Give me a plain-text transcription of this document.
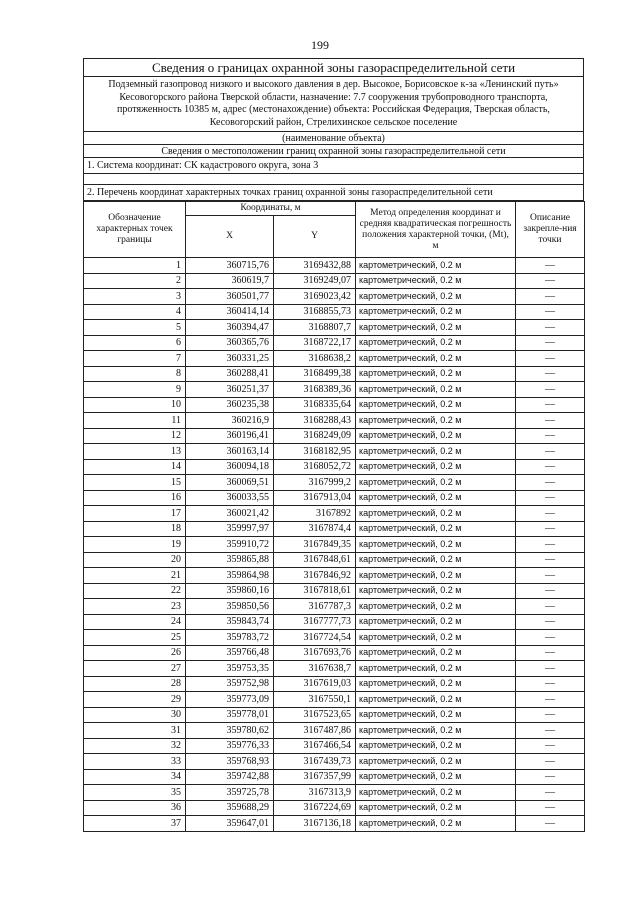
199
Сведения о границах охранной зоны газораспределительной сети
Подземный газопровод низкого и высокого давления в дер. Высокое, Борисовское к-за «Ленинский путь» Кесовогорского района Тверской области, назначение: 7.7 сооружения трубопроводного транспорта, протяженность 10385 м, адрес (местонахождение) объекта: Российская Федерация, Тверская область, Кесовогорский район, Стрелихинское сельское поселение
(наименование объекта)
Сведения о местоположении границ охранной зоны газораспределительной сети
1. Система координат: СК кадастрового округа, зона 3

2. Перечень координат характерных точках границ охранной зоны газораспределительной сети
Обозначение характерных точек границы	Координаты, м		Метод определения координат и средняя квадратическая погрешность положения характерной точки, (Мt), м	Описание закрепле-ния точки
	X	Y		
1	360715,76	3169432,88	картометрический, 0.2 м	—
2	360619,7	3169249,07	картометрический, 0.2 м	—
3	360501,77	3169023,42	картометрический, 0.2 м	—
4	360414,14	3168855,73	картометрический, 0.2 м	—
5	360394,47	3168807,7	картометрический, 0.2 м	—
6	360365,76	3168722,17	картометрический, 0.2 м	—
7	360331,25	3168638,2	картометрический, 0.2 м	—
8	360288,41	3168499,38	картометрический, 0.2 м	—
9	360251,37	3168389,36	картометрический, 0.2 м	—
10	360235,38	3168335,64	картометрический, 0.2 м	—
11	360216,9	3168288,43	картометрический, 0.2 м	—
12	360196,41	3168249,09	картометрический, 0.2 м	—
13	360163,14	3168182,95	картометрический, 0.2 м	—
14	360094,18	3168052,72	картометрический, 0.2 м	—
15	360069,51	3167999,2	картометрический, 0.2 м	—
16	360033,55	3167913,04	картометрический, 0.2 м	—
17	360021,42	3167892	картометрический, 0.2 м	—
18	359997,97	3167874,4	картометрический, 0.2 м	—
19	359910,72	3167849,35	картометрический, 0.2 м	—
20	359865,88	3167848,61	картометрический, 0.2 м	—
21	359864,98	3167846,92	картометрический, 0.2 м	—
22	359860,16	3167818,61	картометрический, 0.2 м	—
23	359850,56	3167787,3	картометрический, 0.2 м	—
24	359843,74	3167777,73	картометрический, 0.2 м	—
25	359783,72	3167724,54	картометрический, 0.2 м	—
26	359766,48	3167693,76	картометрический, 0.2 м	—
27	359753,35	3167638,7	картометрический, 0.2 м	—
28	359752,98	3167619,03	картометрический, 0.2 м	—
29	359773,09	3167550,1	картометрический, 0.2 м	—
30	359778,01	3167523,65	картометрический, 0.2 м	—
31	359780,62	3167487,86	картометрический, 0.2 м	—
32	359776,33	3167466,54	картометрический, 0.2 м	—
33	359768,93	3167439,73	картометрический, 0.2 м	—
34	359742,88	3167357,99	картометрический, 0.2 м	—
35	359725,78	3167313,9	картометрический, 0.2 м	—
36	359688,29	3167224,69	картометрический, 0.2 м	—
37	359647,01	3167136,18	картометрический, 0.2 м	—
